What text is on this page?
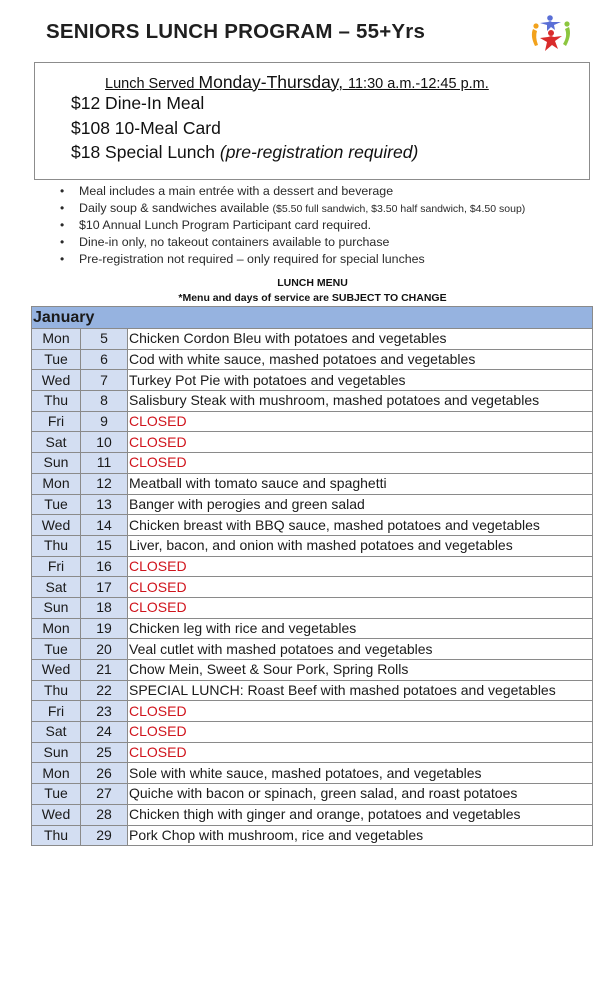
SENIORS LUNCH PROGRAM – 55+Yrs
Lunch Served Monday-Thursday, 11:30 a.m.-12:45 p.m.
$12 Dine-In Meal
$108 10-Meal Card
$18 Special Lunch (pre-registration required)
• Meal includes a main entrée with a dessert and beverage
• Daily soup & sandwiches available ($5.50 full sandwich, $3.50 half sandwich, $4.50 soup)
• $10 Annual Lunch Program Participant card required.
• Dine-in only, no takeout containers available to purchase
• Pre-registration not required – only required for special lunches
LUNCH MENU
*Menu and days of service are SUBJECT TO CHANGE
January		
Mon	5	Chicken Cordon Bleu with potatoes and vegetables
Tue	6	Cod with white sauce, mashed potatoes and vegetables
Wed	7	Turkey Pot Pie with potatoes and vegetables
Thu	8	Salisbury Steak with mushroom, mashed potatoes and vegetables
Fri	9	CLOSED
Sat	10	CLOSED
Sun	11	CLOSED
Mon	12	Meatball with tomato sauce and spaghetti
Tue	13	Banger with perogies and green salad
Wed	14	Chicken breast with BBQ sauce, mashed potatoes and vegetables
Thu	15	Liver, bacon, and onion with mashed potatoes and vegetables
Fri	16	CLOSED
Sat	17	CLOSED
Sun	18	CLOSED
Mon	19	Chicken leg with rice and vegetables
Tue	20	Veal cutlet with mashed potatoes and vegetables
Wed	21	Chow Mein, Sweet & Sour Pork, Spring Rolls
Thu	22	SPECIAL LUNCH: Roast Beef with mashed potatoes and vegetables
Fri	23	CLOSED
Sat	24	CLOSED
Sun	25	CLOSED
Mon	26	Sole with white sauce, mashed potatoes, and vegetables
Tue	27	Quiche with bacon or spinach, green salad, and roast potatoes
Wed	28	Chicken thigh with ginger and orange, potatoes and vegetables
Thu	29	Pork Chop with mushroom, rice and vegetables
